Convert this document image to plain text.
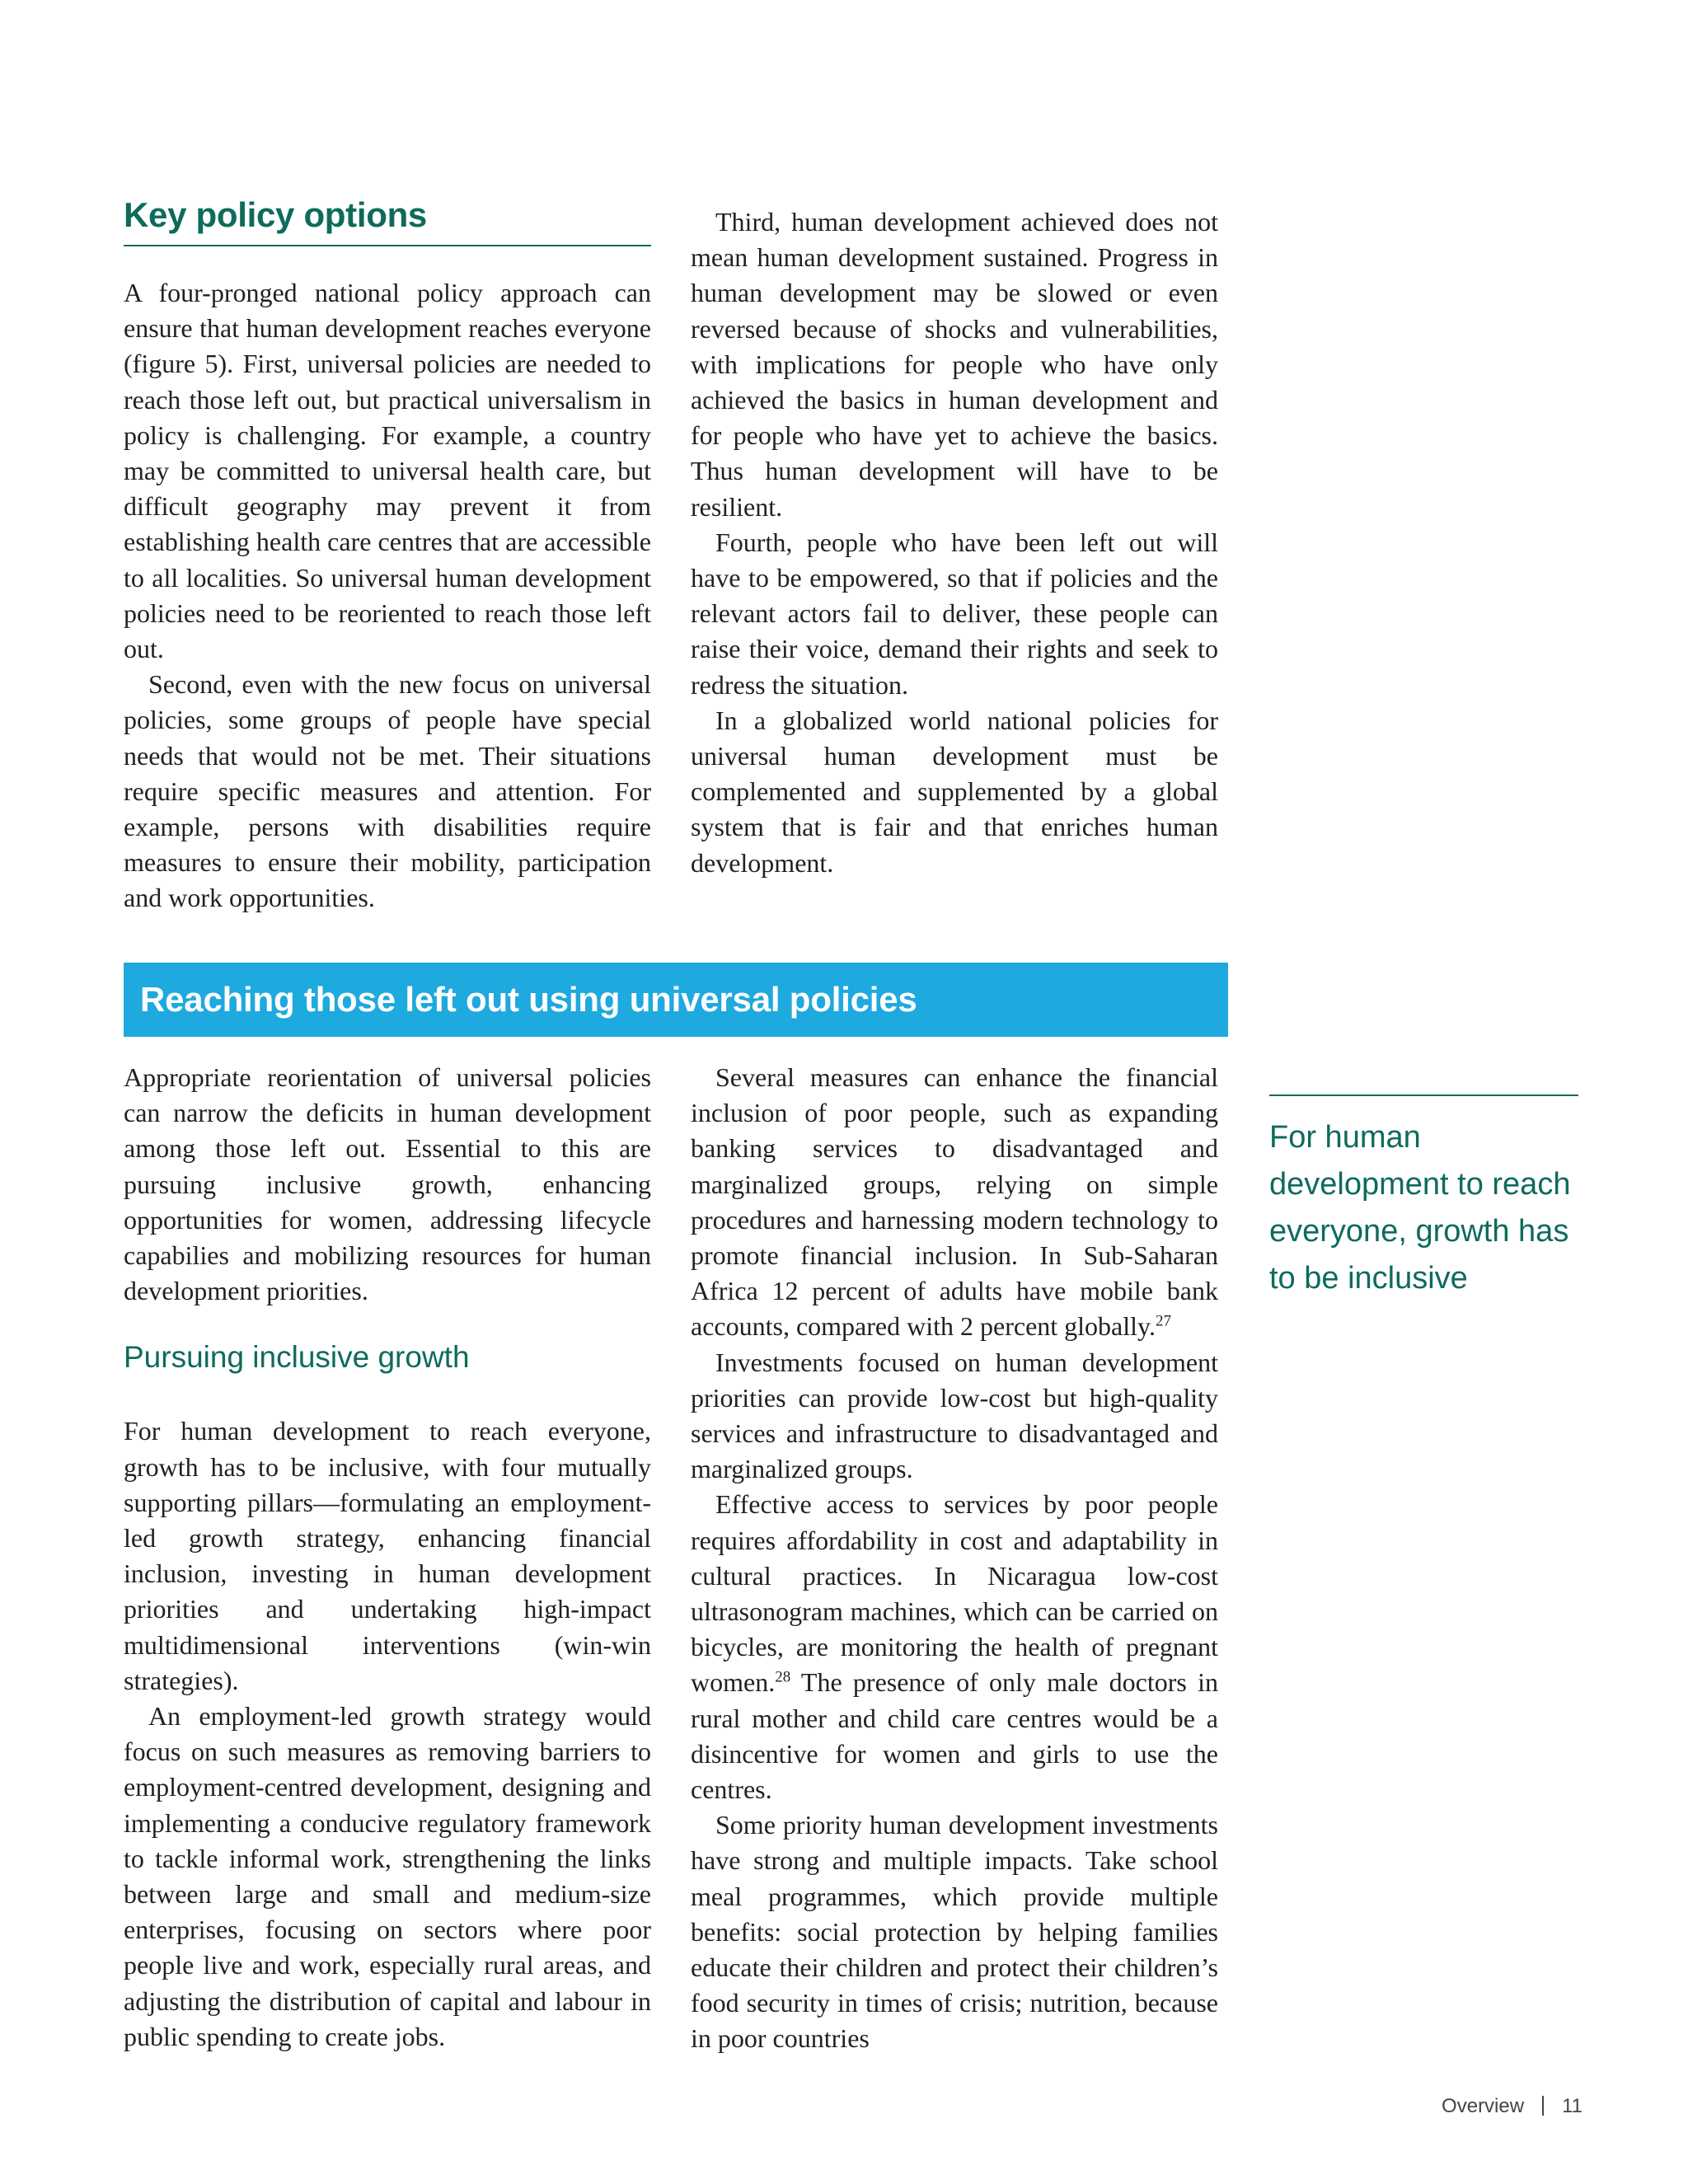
Key policy options

A four-pronged national policy approach can ensure that human development reaches everyone (figure 5). First, universal policies are needed to reach those left out, but practical universalism in policy is challenging. For example, a country may be committed to universal health care, but difficult geography may prevent it from establishing health care centres that are accessible to all localities. So universal human development policies need to be reoriented to reach those left out.

Second, even with the new focus on universal policies, some groups of people have special needs that would not be met. Their situations require specific measures and attention. For example, persons with disabilities require measures to ensure their mobility, participation and work opportunities.

Third, human development achieved does not mean human development sustained. Progress in human development may be slowed or even reversed because of shocks and vulnerabilities, with implications for people who have only achieved the basics in human development and for people who have yet to achieve the basics. Thus human development will have to be resilient.

Fourth, people who have been left out will have to be empowered, so that if policies and the relevant actors fail to deliver, these people can raise their voice, demand their rights and seek to redress the situation.

In a globalized world national policies for universal human development must be complemented and supplemented by a global system that is fair and that enriches human development.

Reaching those left out using universal policies

Appropriate reorientation of universal policies can narrow the deficits in human development among those left out. Essential to this are pursuing inclusive growth, enhancing opportunities for women, addressing lifecycle capabilies and mobilizing resources for human development priorities.

Pursuing inclusive growth

For human development to reach everyone, growth has to be inclusive, with four mutually supporting pillars—formulating an employment-led growth strategy, enhancing financial inclusion, investing in human development priorities and undertaking high-impact multidimensional interventions (win-win strategies).

An employment-led growth strategy would focus on such measures as removing barriers to employment-centred development, designing and implementing a conducive regulatory framework to tackle informal work, strengthening the links between large and small and medium-size enterprises, focusing on sectors where poor people live and work, especially rural areas, and adjusting the distribution of capital and labour in public spending to create jobs.

Several measures can enhance the financial inclusion of poor people, such as expanding banking services to disadvantaged and marginalized groups, relying on simple procedures and harnessing modern technology to promote financial inclusion. In Sub-Saharan Africa 12 percent of adults have mobile bank accounts, compared with 2 percent globally.$^{27}$

Investments focused on human development priorities can provide low-cost but high-quality services and infrastructure to disadvantaged and marginalized groups.

Effective access to services by poor people requires affordability in cost and adaptability in cultural practices. In Nicaragua low-cost ultrasonogram machines, which can be carried on bicycles, are monitoring the health of pregnant women.$^{28}$ The presence of only male doctors in rural mother and child care centres would be a disincentive for women and girls to use the centres.

Some priority human development investments have strong and multiple impacts. Take school meal programmes, which provide multiple benefits: social protection by helping families educate their children and protect their children’s food security in times of crisis; nutrition, because in poor countries

For human development to reach everyone, growth has to be inclusive

Overview 11
